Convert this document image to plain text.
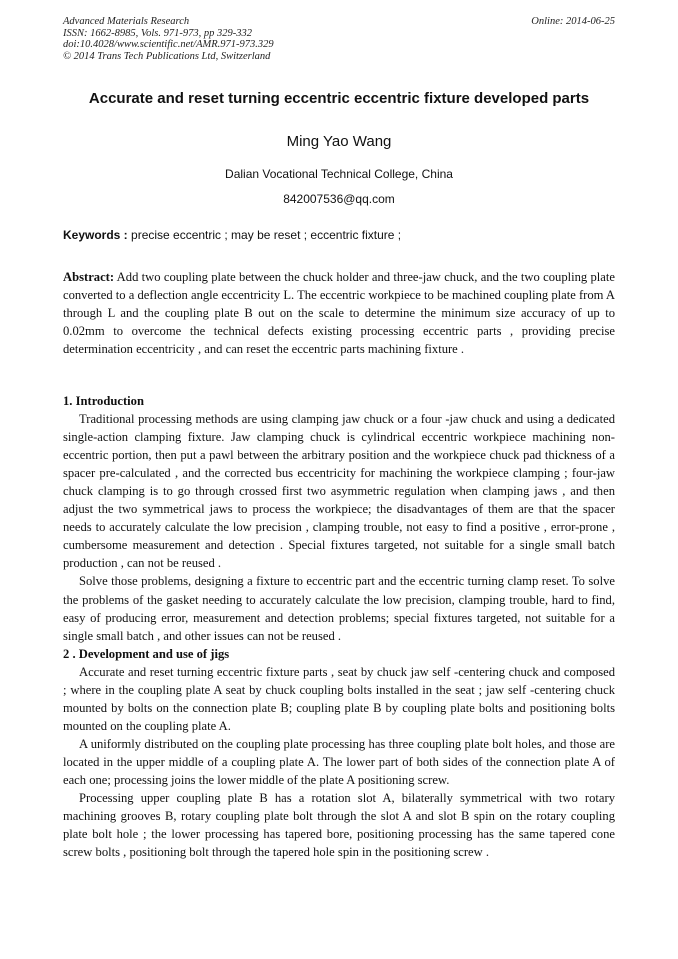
Advanced Materials Research
ISSN: 1662-8985, Vols. 971-973, pp 329-332
doi:10.4028/www.scientific.net/AMR.971-973.329
© 2014 Trans Tech Publications Ltd, Switzerland
Online: 2014-06-25
Accurate and reset turning eccentric eccentric fixture developed parts
Ming Yao Wang
Dalian Vocational Technical College, China
842007536@qq.com
Keywords : precise eccentric ; may be reset ; eccentric fixture ;

Abstract: Add two coupling plate between the chuck holder and three-jaw chuck, and the two coupling plate converted to a deflection angle eccentricity L. The eccentric workpiece to be machined coupling plate from A through L and the coupling plate B out on the scale to determine the minimum size accuracy of up to 0.02mm to overcome the technical defects existing processing eccentric parts , providing precise determination eccentricity , and can reset the eccentric parts machining fixture .

1. Introduction

Traditional processing methods are using clamping jaw chuck or a four -jaw chuck and using a dedicated single-action clamping fixture. Jaw clamping chuck is cylindrical eccentric workpiece machining non-eccentric portion, then put a pawl between the arbitrary position and the workpiece chuck pad thickness of a spacer pre-calculated , and the corrected bus eccentricity for machining the workpiece clamping ; four-jaw chuck clamping is to go through crossed first two asymmetric regulation when clamping jaws , and then adjust the two symmetrical jaws to process the workpiece; the disadvantages of them are that the spacer needs to accurately calculate the low precision , clamping trouble, not easy to find a positive , error-prone , cumbersome measurement and detection . Special fixtures targeted, not suitable for a single small batch production , can not be reused .

Solve those problems, designing a fixture to eccentric part and the eccentric turning clamp reset. To solve the problems of the gasket needing to accurately calculate the low precision, clamping trouble, hard to find, easy of producing error, measurement and detection problems; special fixtures targeted, not suitable for a single small batch , and other issues can not be reused .

2 . Development and use of jigs

Accurate and reset turning eccentric fixture parts , seat by chuck jaw self -centering chuck and composed ; where in the coupling plate A seat by chuck coupling bolts installed in the seat ; jaw self -centering chuck mounted by bolts on the connection plate B; coupling plate B by coupling plate bolts and positioning bolts mounted on the coupling plate A.

A uniformly distributed on the coupling plate processing has three coupling plate bolt holes, and those are located in the upper middle of a coupling plate A. The lower part of both sides of the connection plate A of each one; processing joins the lower middle of the plate A positioning screw.

Processing upper coupling plate B has a rotation slot A, bilaterally symmetrical with two rotary machining grooves B, rotary coupling plate bolt through the slot A and slot B spin on the rotary coupling plate bolt hole ; the lower processing has tapered bore, positioning processing has the same tapered cone screw bolts , positioning bolt through the tapered hole spin in the positioning screw .
